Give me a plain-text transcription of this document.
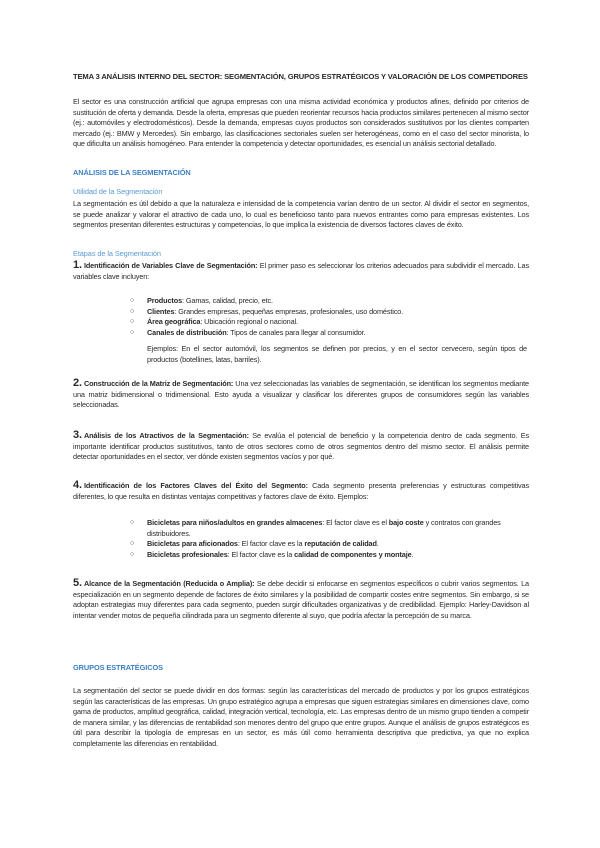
TEMA 3 ANÁLISIS INTERNO DEL SECTOR: SEGMENTACIÓN, GRUPOS ESTRATÉGICOS Y VALORACIÓN DE LOS COMPETIDORES

El sector es una construcción artificial que agrupa empresas con una misma actividad económica y productos afines, definido por criterios de sustitución de oferta y demanda. Desde la oferta, empresas que pueden reorientar recursos hacia productos similares pertenecen al mismo sector (ej.: automóviles y electrodomésticos). Desde la demanda, empresas cuyos productos son considerados sustitutivos por los clientes comparten mercado (ej.: BMW y Mercedes). Sin embargo, las clasificaciones sectoriales suelen ser heterogéneas, como en el caso del sector minorista, lo que dificulta un análisis homogéneo. Para entender la competencia y detectar oportunidades, es esencial un análisis sectorial detallado.

ANÁLISIS DE LA SEGMENTACIÓN
Utilidad de la Segmentación

La segmentación es útil debido a que la naturaleza e intensidad de la competencia varían dentro de un sector. Al dividir el sector en segmentos, se puede analizar y valorar el atractivo de cada uno, lo cual es beneficioso tanto para nuevos entrantes como para empresas existentes. Los segmentos presentan diferentes estructuras y competencias, lo que implica la existencia de diversos factores claves de éxito.

Etapas de la Segmentación
1. Identificación de Variables Clave de Segmentación: El primer paso es seleccionar los criterios adecuados para subdividir el mercado. Las variables clave incluyen:
○ Productos: Gamas, calidad, precio, etc.
○ Clientes: Grandes empresas, pequeñas empresas, profesionales, uso doméstico.
○ Área geográfica: Ubicación regional o nacional.
○ Canales de distribución: Tipos de canales para llegar al consumidor.

Ejemplos: En el sector automóvil, los segmentos se definen por precios, y en el sector cervecero, según tipos de productos (botellines, latas, barriles).

2. Construcción de la Matriz de Segmentación: Una vez seleccionadas las variables de segmentación, se identifican los segmentos mediante una matriz bidimensional o tridimensional. Esto ayuda a visualizar y clasificar los diferentes grupos de consumidores según las variables seleccionadas.
3. Análisis de los Atractivos de la Segmentación: Se evalúa el potencial de beneficio y la competencia dentro de cada segmento. Es importante identificar productos sustitutivos, tanto de otros sectores como de otros segmentos dentro del mismo sector. El análisis permite detectar oportunidades en el sector, ver dónde existen segmentos vacíos y por qué.
4. Identificación de los Factores Claves del Éxito del Segmento: Cada segmento presenta preferencias y estructuras competitivas diferentes, lo que resulta en distintas ventajas competitivas y factores clave de éxito. Ejemplos:
○ Bicicletas para niños/adultos en grandes almacenes: El factor clave es el bajo coste y contratos con grandes distribuidores.
○ Bicicletas para aficionados: El factor clave es la reputación de calidad.
○ Bicicletas profesionales: El factor clave es la calidad de componentes y montaje.
5. Alcance de la Segmentación (Reducida o Amplia): Se debe decidir si enfocarse en segmentos específicos o cubrir varios segmentos. La especialización en un segmento depende de factores de éxito similares y la posibilidad de compartir costes entre segmentos. Sin embargo, si se adoptan estrategias muy diferentes para cada segmento, pueden surgir dificultades organizativas y de credibilidad. Ejemplo: Harley-Davidson al intentar vender motos de pequeña cilindrada para un segmento diferente al suyo, que podría afectar la percepción de su marca.
GRUPOS ESTRATÉGICOS

La segmentación del sector se puede dividir en dos formas: según las características del mercado de productos y por los grupos estratégicos según las características de las empresas. Un grupo estratégico agrupa a empresas que siguen estrategias similares en dimensiones clave, como gama de productos, amplitud geográfica, calidad, integración vertical, tecnología, etc. Las empresas dentro de un mismo grupo tienden a competir de manera similar, y las diferencias de rentabilidad son menores dentro del grupo que entre grupos. Aunque el análisis de grupos estratégicos es útil para describir la tipología de empresas en un sector, es más útil como herramienta descriptiva que predictiva, ya que no explica completamente las diferencias en rentabilidad.
